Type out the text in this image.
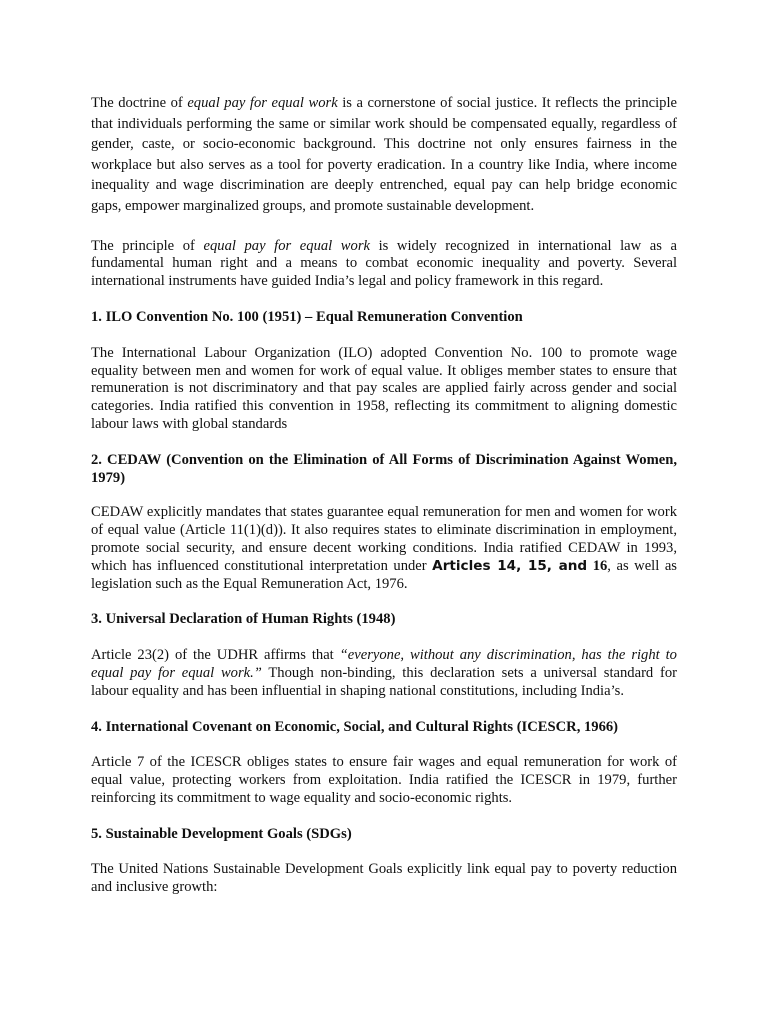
The doctrine of equal pay for equal work is a cornerstone of social justice. It reflects the principle that individuals performing the same or similar work should be compensated equally, regardless of gender, caste, or socio-economic background. This doctrine not only ensures fairness in the workplace but also serves as a tool for poverty eradication. In a country like India, where income inequality and wage discrimination are deeply entrenched, equal pay can help bridge economic gaps, empower marginalized groups, and promote sustainable development.

The principle of equal pay for equal work is widely recognized in international law as a fundamental human right and a means to combat economic inequality and poverty. Several international instruments have guided India’s legal and policy framework in this regard.

1. ILO Convention No. 100 (1951) – Equal Remuneration Convention

The International Labour Organization (ILO) adopted Convention No. 100 to promote wage equality between men and women for work of equal value. It obliges member states to ensure that remuneration is not discriminatory and that pay scales are applied fairly across gender and social categories. India ratified this convention in 1958, reflecting its commitment to aligning domestic labour laws with global standards

2. CEDAW (Convention on the Elimination of All Forms of Discrimination Against Women, 1979)

CEDAW explicitly mandates that states guarantee equal remuneration for men and women for work of equal value (Article 11(1)(d)). It also requires states to eliminate discrimination in employment, promote social security, and ensure decent working conditions. India ratified CEDAW in 1993, which has influenced constitutional interpretation under Articles 14, 15, and 16, as well as legislation such as the Equal Remuneration Act, 1976.

3. Universal Declaration of Human Rights (1948)

Article 23(2) of the UDHR affirms that “everyone, without any discrimination, has the right to equal pay for equal work.” Though non-binding, this declaration sets a universal standard for labour equality and has been influential in shaping national constitutions, including India’s.

4. International Covenant on Economic, Social, and Cultural Rights (ICESCR, 1966)

Article 7 of the ICESCR obliges states to ensure fair wages and equal remuneration for work of equal value, protecting workers from exploitation. India ratified the ICESCR in 1979, further reinforcing its commitment to wage equality and socio-economic rights.

5. Sustainable Development Goals (SDGs)

The United Nations Sustainable Development Goals explicitly link equal pay to poverty reduction and inclusive growth:
